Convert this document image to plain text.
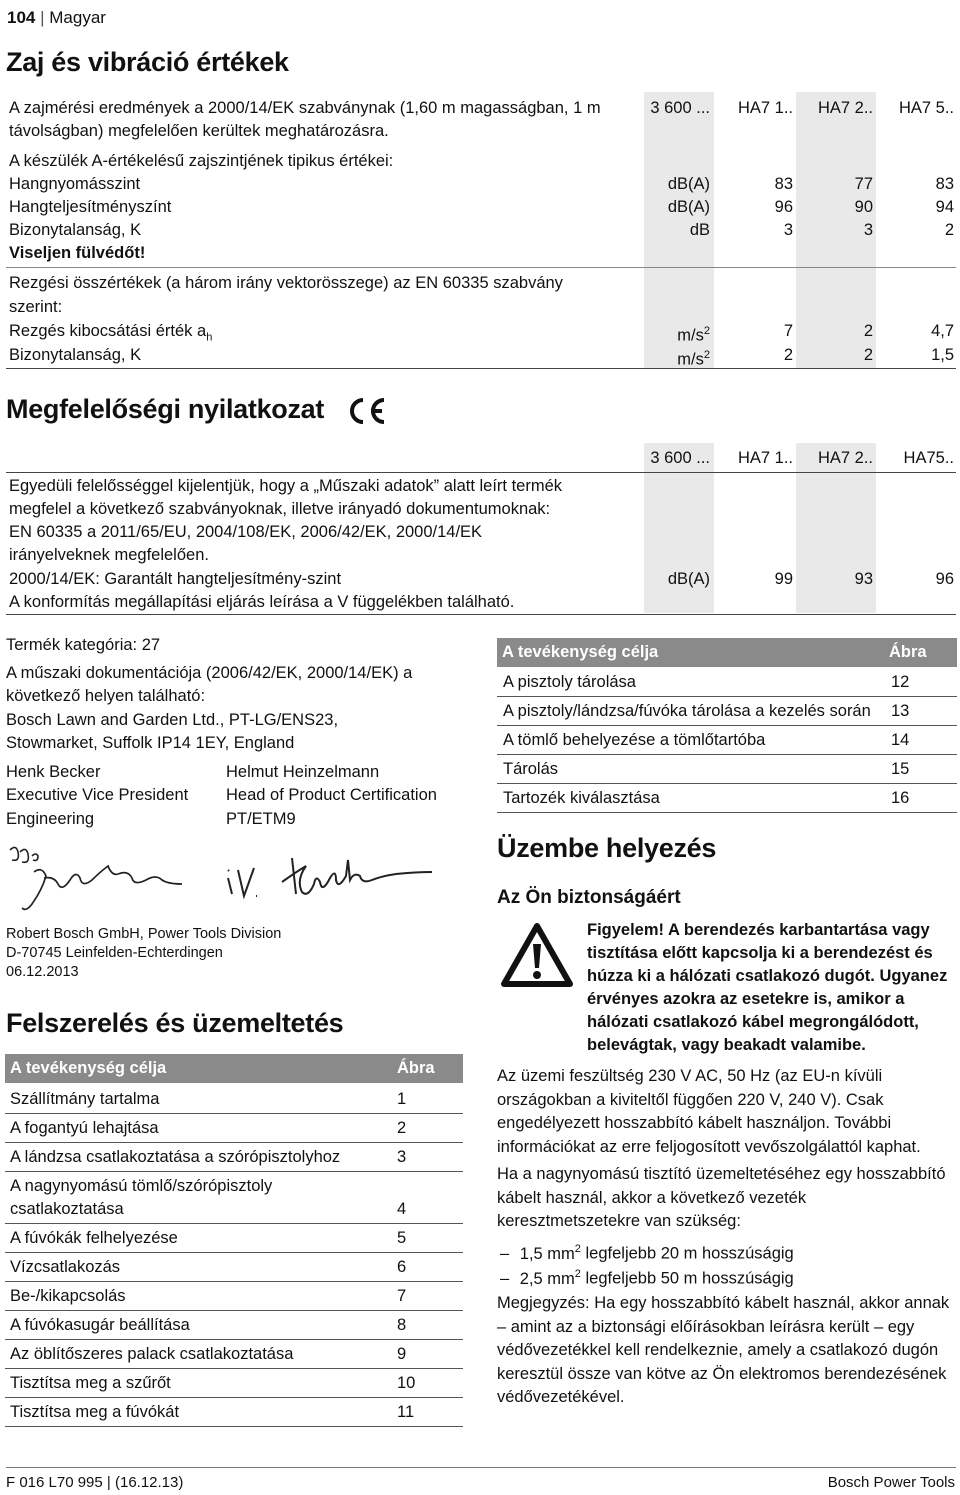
104 | Magyar
Zaj és vibráció értékek
A zajmérési eredmények a 2000/14/EK szabványnak (1,60 m magasságban, 1 m
távolságban) megfelelően kerültek meghatározásra.
3 600 ...	HA7 1..	HA7 2..	HA7 5..
A készülék A-értékelésű zajszintjének tipikus értékei:
Hangnyomásszint	dB(A)	83	77	83
Hangteljesítményszínt	dB(A)	96	90	94
Bizonytalanság, K	dB	3	3	2
Viseljen fülvédőt!
Rezgési összértékek (a három irány vektorösszege) az EN 60335 szabvány
szerint:
Rezgés kibocsátási érték $a_h$	$m/s^2$	7	2	4,7
Bizonytalanság, K	$m/s^2$	2	2	1,5
Megfelelőségi nyilatkozat
3 600 ...	HA7 1..	HA7 2..	HA75..
Egyedüli felelősséggel kijelentjük, hogy a „Műszaki adatok” alatt leírt termék
megfelel a következő szabványoknak, illetve irányadó dokumentumoknak:
EN 60335 a 2011/65/EU, 2004/108/EK, 2006/42/EK, 2000/14/EK
irányelveknek megfelelően.
2000/14/EK: Garantált hangteljesítmény-szint	dB(A)	99	93	96
A konformítás megállapítási eljárás leírása a V függelékben található.
Termék kategória: 27
A műszaki dokumentációja (2006/42/EK, 2000/14/EK) a
következő helyen található:
Bosch Lawn and Garden Ltd., PT-LG/ENS23,
Stowmarket, Suffolk IP14 1EY, England
Henk Becker
Executive Vice President
Engineering
Helmut Heinzelmann
Head of Product Certification
PT/ETM9
Robert Bosch GmbH, Power Tools Division
D-70745 Leinfelden-Echterdingen
06.12.2013
Felszerelés és üzemeltetés
A tevékenység célja	Ábra
Szállítmány tartalma	1
A fogantyú lehajtása	2
A lándzsa csatlakoztatása a szórópisztolyhoz	3
A nagynyomású tömlő/szórópisztoly
csatlakoztatása	4
A fúvókák felhelyezése	5
Vízcsatlakozás	6
Be-/kikapcsolás	7
A fúvókasugár beállítása	8
Az öblítőszeres palack csatlakoztatása	9
Tisztítsa meg a szűrőt	10
Tisztítsa meg a fúvókát	11
A tevékenység célja	Ábra
A pisztoly tárolása	12
A pisztoly/lándzsa/fúvóka tárolása a kezelés során 13
A tömlő behelyezése a tömlőtartóba	14
Tárolás	15
Tartozék kiválasztása	16
Üzembe helyezés
Az Ön biztonságáért
Figyelem! A berendezés karbantartása vagy
tisztítása előtt kapcsolja ki a berendezést és
húzza ki a hálózati csatlakozó dugót. Ugyanez
érvényes azokra az esetekre is, amikor a
hálózati csatlakozó kábel megrongálódott,
belevágtak, vagy beakadt valamibe.
Az üzemi feszültség 230 V AC, 50 Hz (az EU-n kívüli
országokban a kiviteltől függően 220 V, 240 V). Csak
engedélyezett hosszabbító kábelt használjon. További
információkat az erre feljogosított vevőszolgálattól kaphat.
Ha a nagynyomású tisztító üzemeltetéséhez egy hosszabbító
kábelt használ, akkor a következő vezeték
keresztmetszetekre van szükség:
– 1,5 $mm^2$ legfeljebb 20 m hosszúságig
– 2,5 $mm^2$ legfeljebb 50 m hosszúságig
Megjegyzés: Ha egy hosszabbító kábelt használ, akkor annak
– amint az a biztonsági előírásokban leírásra került – egy
védővezetékkel kell rendelkeznie, amely a csatlakozó dugón
keresztül össze van kötve az Ön elektromos berendezésének
védővezetékével.
F 016 L70 995 | (16.12.13)	Bosch Power Tools
